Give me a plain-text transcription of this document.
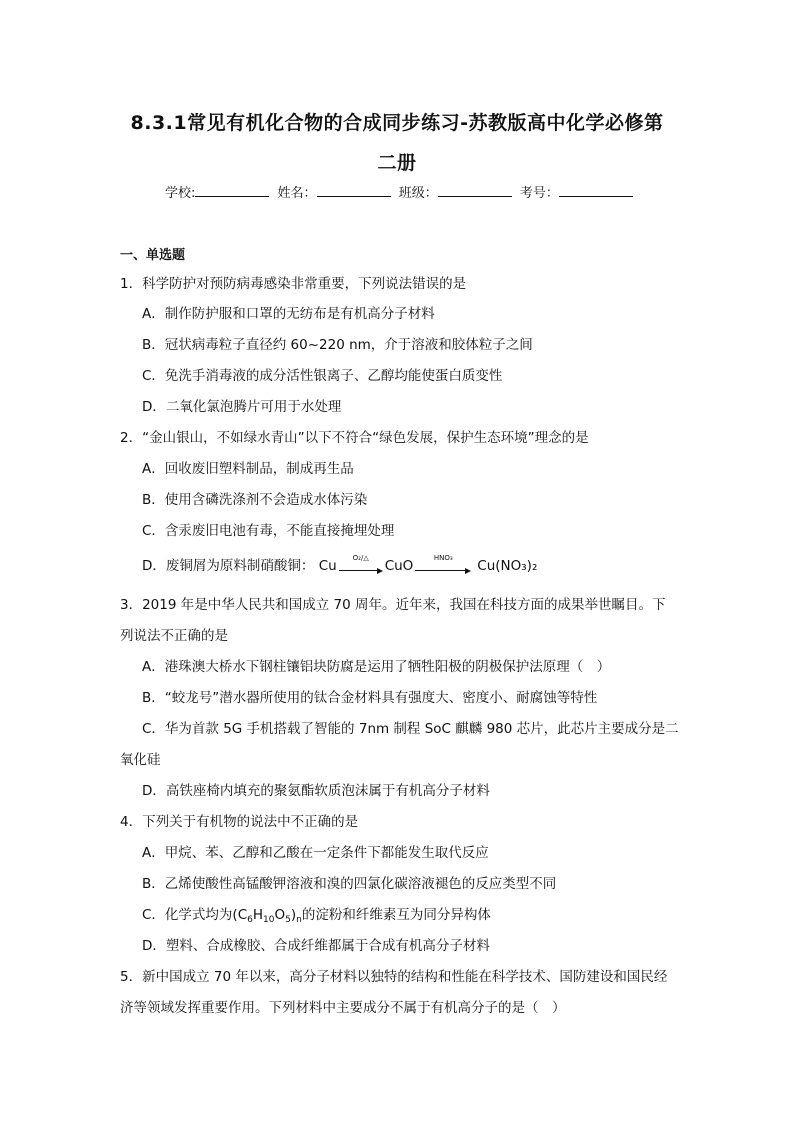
8.3.1常见有机化合物的合成同步练习-苏教版高中化学必修第
二册
学校:	姓名：	班级：	考号：
一、单选题
1．科学防护对预防病毒感染非常重要，下列说法错误的是
A．制作防护服和口罩的无纺布是有机高分子材料
B．冠状病毒粒子直径约 60~220 nm，介于溶液和胶体粒子之间
C．免洗手消毒液的成分活性银离子、乙醇均能使蛋白质变性
D．二氧化氯泡腾片可用于水处理
2．“金山银山，不如绿水青山”以下不符合“绿色发展，保护生态环境”理念的是
A．回收废旧塑料制品，制成再生品
B．使用含磷洗涤剂不会造成水体污染
C．含汞废旧电池有毒，不能直接掩埋处理
D．废铜屑为原料制硝酸铜： Cu	O₂/△	CuO	HNO₃	Cu(NO₃)₂
3．2019 年是中华人民共和国成立 70 周年。近年来，我国在科技方面的成果举世瞩目。下
列说法不正确的是
A．港珠澳大桥水下钢柱镶铝块防腐是运用了牺牲阳极的阴极保护法原理（　）
B．“蛟龙号”潜水器所使用的钛合金材料具有强度大、密度小、耐腐蚀等特性
C．华为首款 5G 手机搭载了智能的 7nm 制程 SoC 麒麟 980 芯片，此芯片主要成分是二
氧化硅
D．高铁座椅内填充的聚氨酯软质泡沫属于有机高分子材料
4．下列关于有机物的说法中不正确的是
A．甲烷、苯、乙醇和乙酸在一定条件下都能发生取代反应
B．乙烯使酸性高锰酸钾溶液和溴的四氯化碳溶液褪色的反应类型不同
C．化学式均为$(C_6H_{10}O_5)_n$的淀粉和纤维素互为同分异构体
D．塑料、合成橡胶、合成纤维都属于合成有机高分子材料
5．新中国成立 70 年以来，高分子材料以独特的结构和性能在科学技术、国防建设和国民经
济等领域发挥重要作用。下列材料中主要成分不属于有机高分子的是（　）
